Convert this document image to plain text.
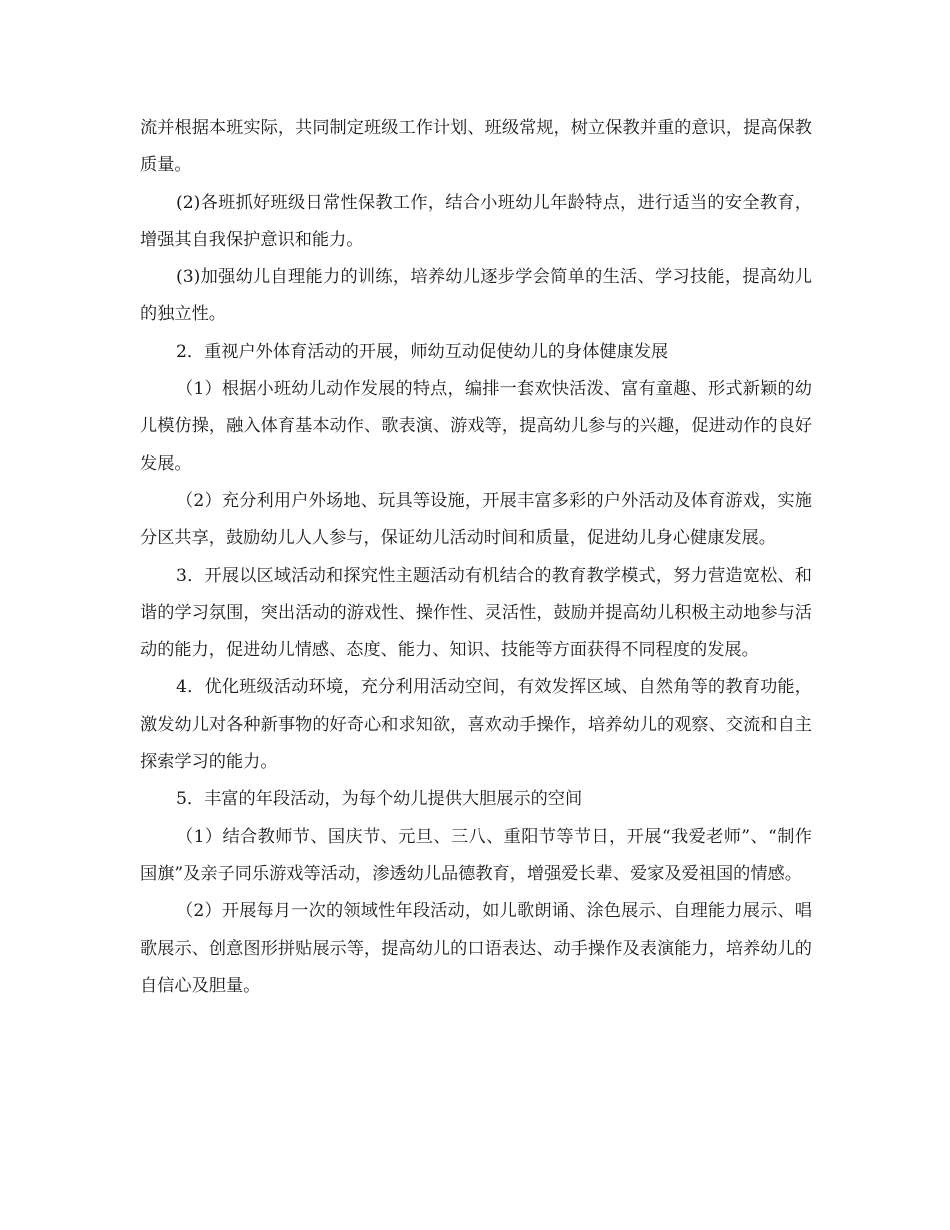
流并根据本班实际，共同制定班级工作计划、班级常规，树立保教并重的意识，提高保教质量。

(2)各班抓好班级日常性保教工作，结合小班幼儿年龄特点，进行适当的安全教育，增强其自我保护意识和能力。

(3)加强幼儿自理能力的训练，培养幼儿逐步学会简单的生活、学习技能，提高幼儿的独立性。

2．重视户外体育活动的开展，师幼互动促使幼儿的身体健康发展

（1）根据小班幼儿动作发展的特点，编排一套欢快活泼、富有童趣、形式新颖的幼儿模仿操，融入体育基本动作、歌表演、游戏等，提高幼儿参与的兴趣，促进动作的良好发展。

（2）充分利用户外场地、玩具等设施，开展丰富多彩的户外活动及体育游戏，实施分区共享，鼓励幼儿人人参与，保证幼儿活动时间和质量，促进幼儿身心健康发展。

3．开展以区域活动和探究性主题活动有机结合的教育教学模式，努力营造宽松、和谐的学习氛围，突出活动的游戏性、操作性、灵活性，鼓励并提高幼儿积极主动地参与活动的能力，促进幼儿情感、态度、能力、知识、技能等方面获得不同程度的发展。

4．优化班级活动环境，充分利用活动空间，有效发挥区域、自然角等的教育功能，激发幼儿对各种新事物的好奇心和求知欲，喜欢动手操作，培养幼儿的观察、交流和自主探索学习的能力。

5．丰富的年段活动，为每个幼儿提供大胆展示的空间

（1）结合教师节、国庆节、元旦、三八、重阳节等节日，开展“我爱老师”、“制作国旗”及亲子同乐游戏等活动，渗透幼儿品德教育，增强爱长辈、爱家及爱祖国的情感。

（2）开展每月一次的领域性年段活动，如儿歌朗诵、涂色展示、自理能力展示、唱歌展示、创意图形拼贴展示等，提高幼儿的口语表达、动手操作及表演能力，培养幼儿的自信心及胆量。
